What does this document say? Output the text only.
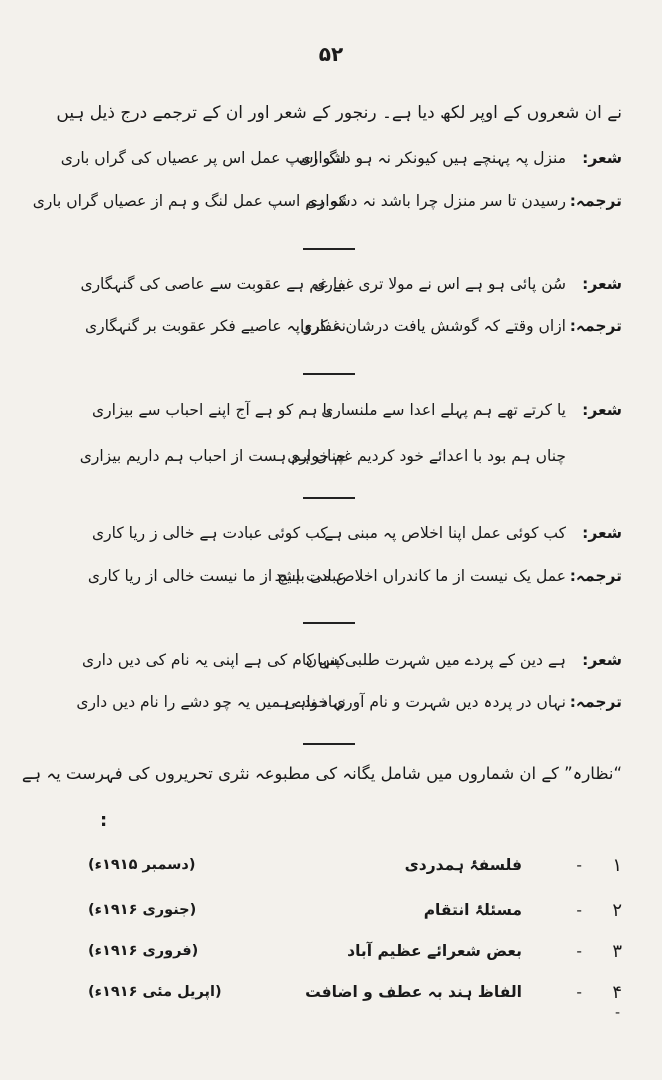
۵۲
نے ان شعروں کے اوپر لکھ دیا ہے۔ رنجور کے شعر اور ان کے ترجمے درج ذیل ہیں
شعر:
منزل پہ پہنچے ہیں کیونکر نہ ہو دشواری
لنگ اسپ عمل اس پر عصیاں کی گراں باری
ترجمہ:
رسیدن تا سر منزل چرا باشد نہ دشواری
کہ ہم اسپ عمل لنگ و ہم از عصیاں گراں باری
شعر:
سُن پائی ہو ہے اس نے مولا تری غفاری
بے غم ہے عقوبت سے عاصی کی گنہگاری
ترجمہ:
ازاں وقتے کہ گوشش یافت درشان غفاری
نہ کرواپہ عاصیے فکر عقوبت بر گنہگاری
شعر:
یا کرتے تھے ہم پہلے اعدا سے ملنساری
یا ہم کو ہے آج اپنے احباب سے بیزاری
چناں ہم بود با اعدائے خود کردیم غم خواری
چناں ہم ہست از احباب ہم داریم بیزاری
شعر:
کب کوئی عمل اپنا اخلاص پہ مبنی ہے
کب کوئی عبادت ہے خالی ز ریا کاری
ترجمہ:
عمل یک نیست از ما کاندراں اخلاص می باشد
عبادت ہیچ از ما نیست خالی از ریا کاری
شعر:
ہے دین کے پردے میں شہرت طلبی پنہاں
کس کام کی ہے اپنی یہ نام کی دیں داری
ترجمہ:
نہاں در پردہ دیں شہرت و نام آوری خواہی
نہاد ندے ہمیں یہ چو دشے را نام دیں داری
“نظارہ” کے ان شماروں میں شامل یگانہ کی مطبوعہ نثری تحریروں کی فہرست یہ ہے
:
۱
-
فلسفۂ ہمدردی
(دسمبر ۱۹۱۵ء)
۲
-
مسئلۂ انتقام
(جنوری ۱۹۱۶ء)
۳
-
بعض شعرائے عظیم آباد
(فروری ۱۹۱۶ء)
۴
-
الفاظ ہند بہ عطف و اضافت
(اپریل مئی ۱۹۱۶ء)
-
